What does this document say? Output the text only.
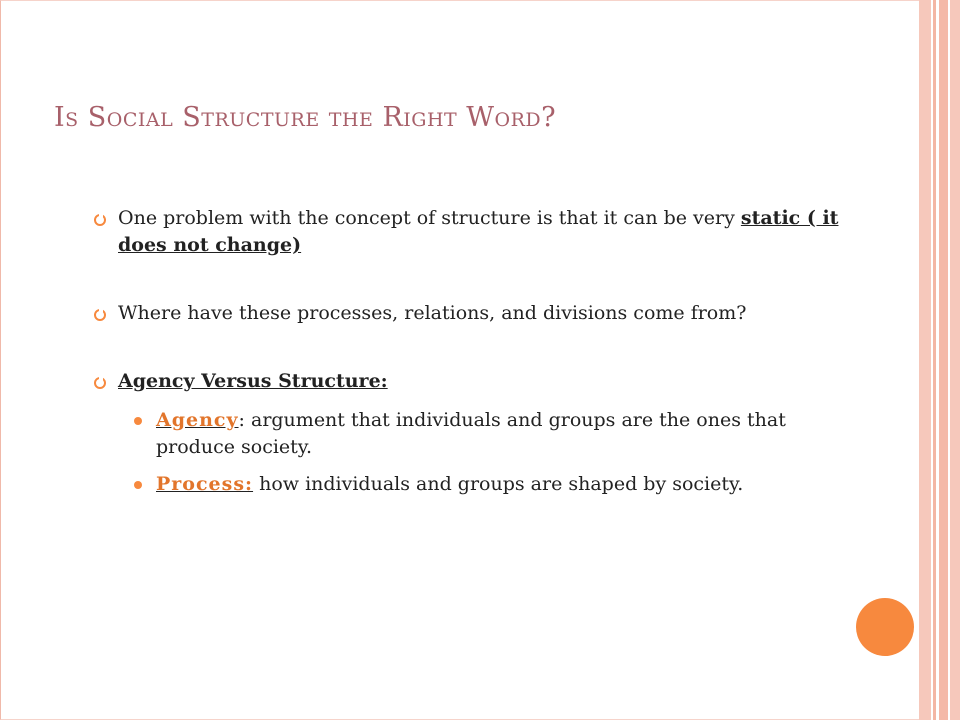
Is Social Structure the Right Word?
One problem with the concept of structure is that it can be very static ( it does not change)
Where have these processes, relations, and divisions come from?
Agency Versus Structure:
Agency: argument that individuals and groups are the ones that produce society.
Process: how individuals and groups are shaped by society.
